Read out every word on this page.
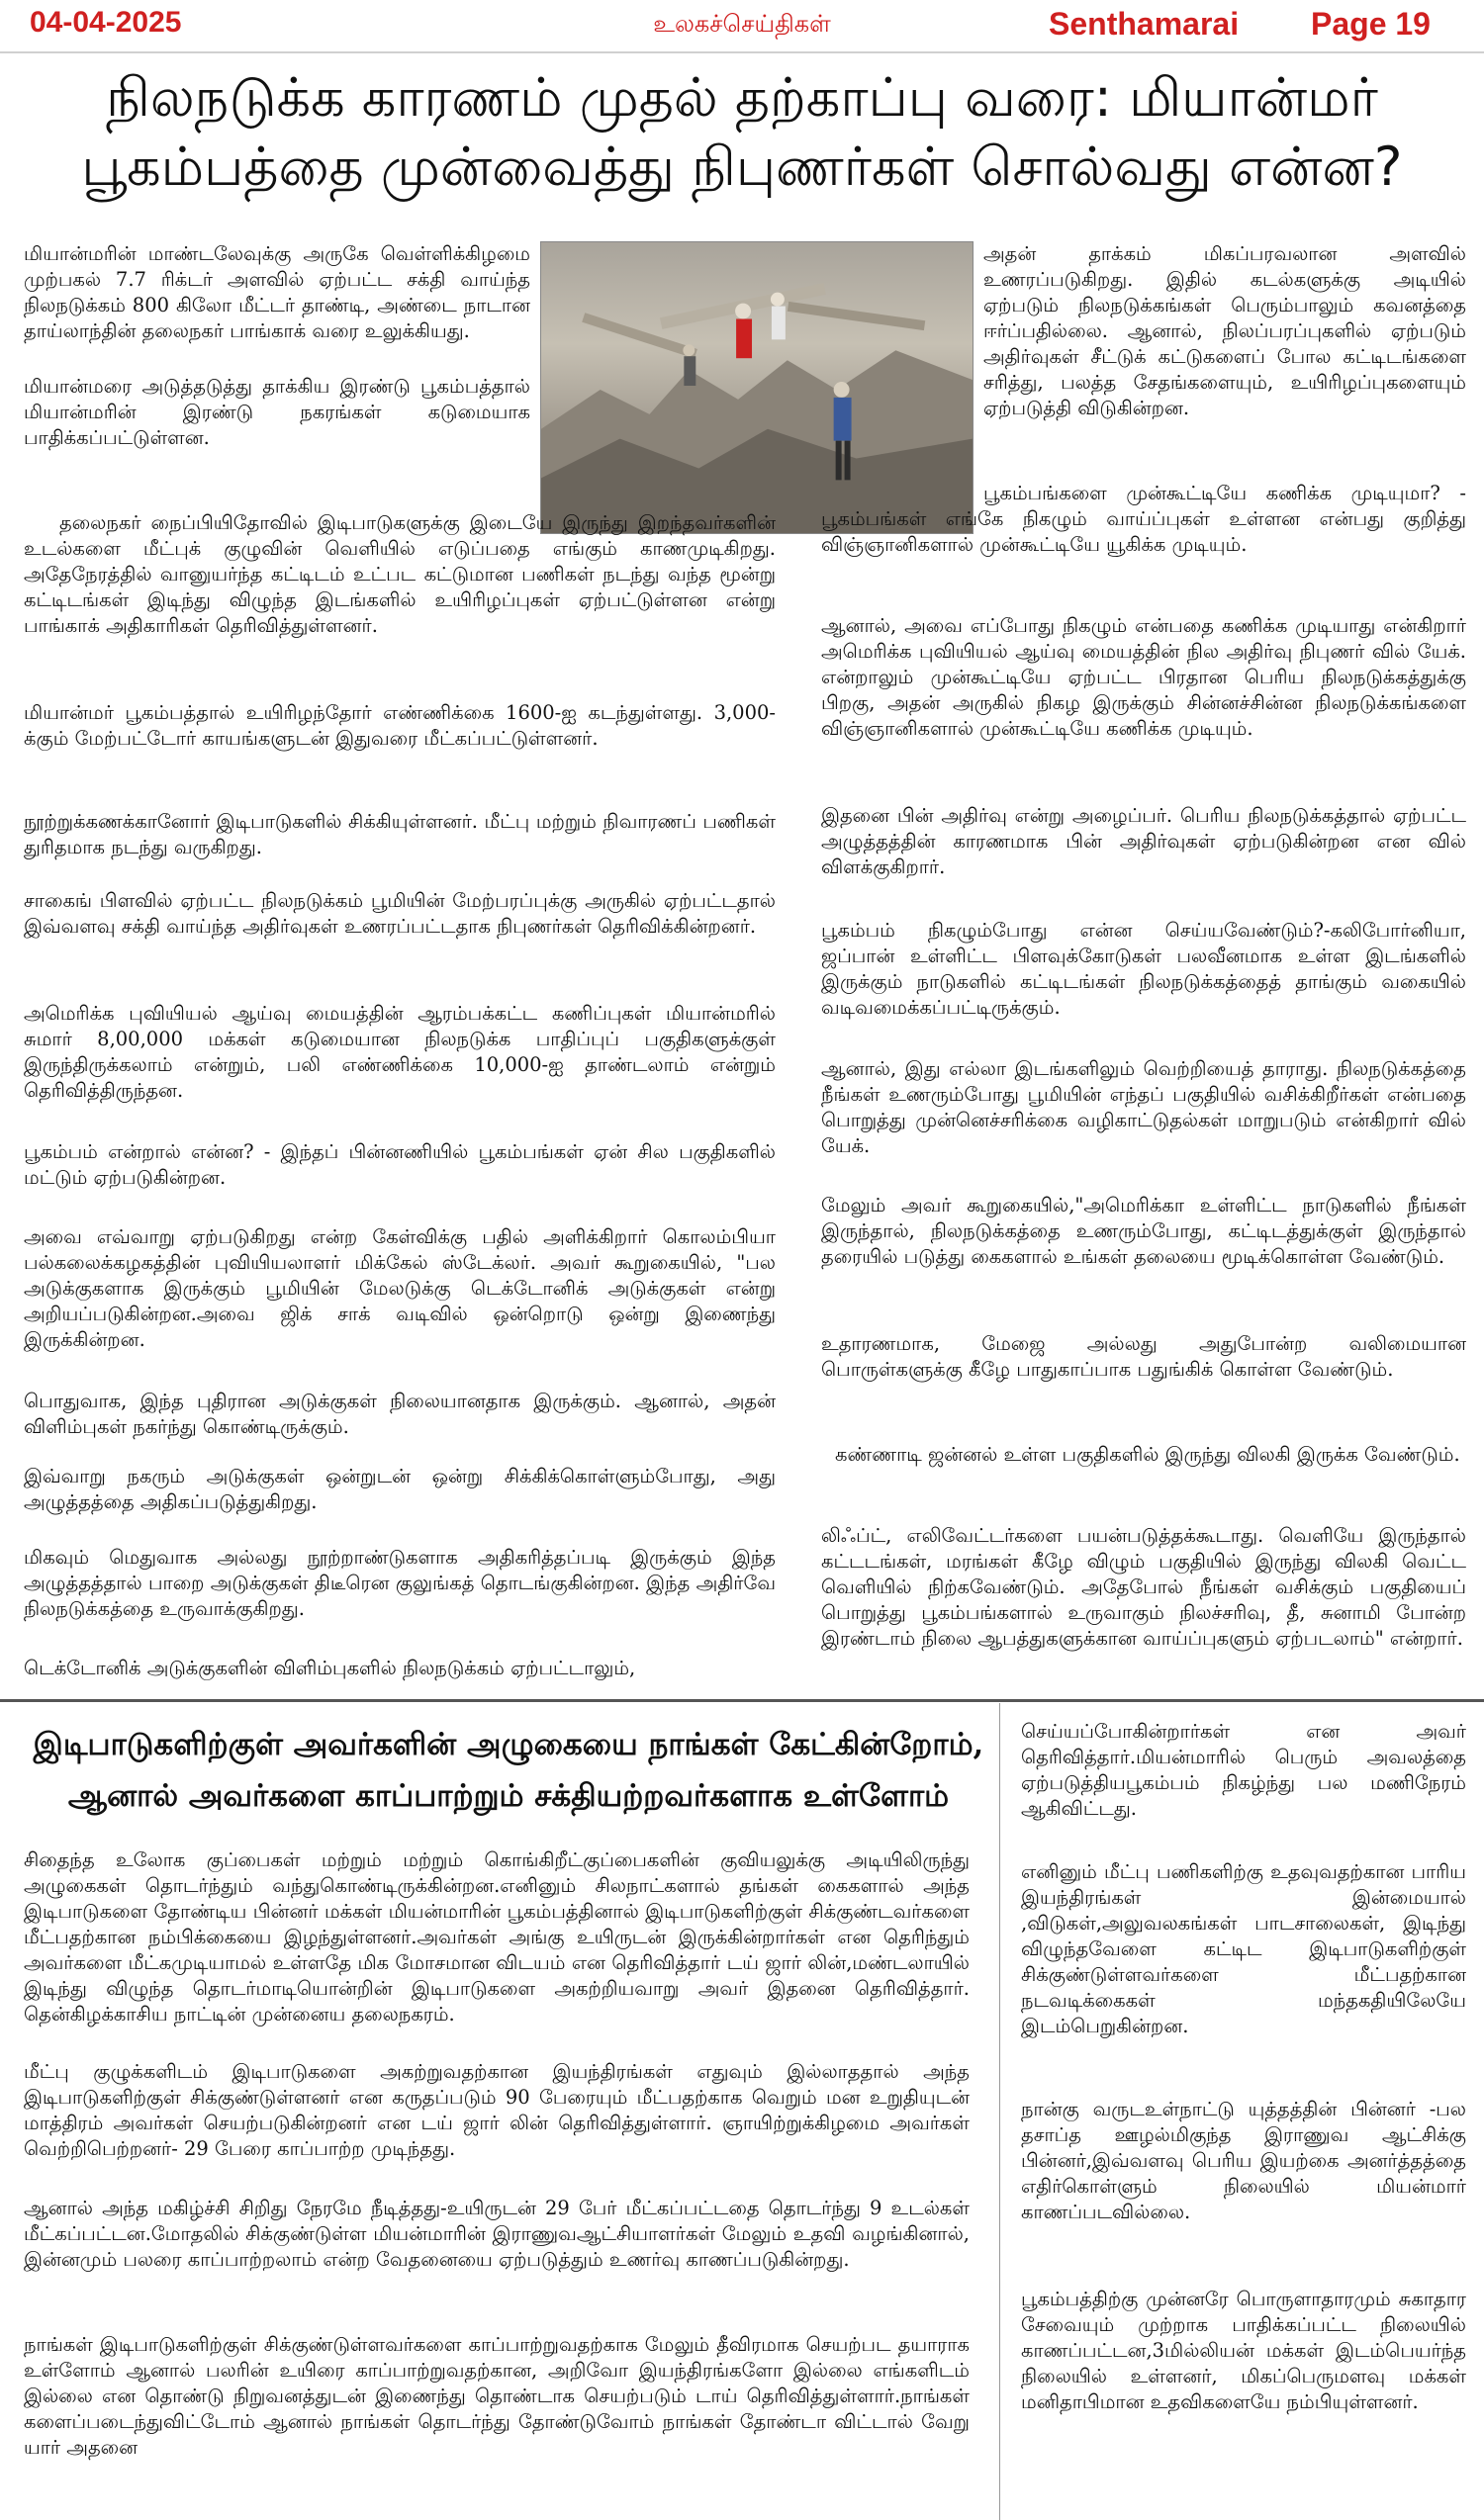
04-04-2025	உலகச்செய்திகள்	Senthamarai Page 19
நிலநடுக்க காரணம் முதல் தற்காப்பு வரை: மியான்மர்
பூகம்பத்தை முன்வைத்து நிபுணர்கள் சொல்வது என்ன?
மியான்மரின் மாண்டலேவுக்கு அருகே வெள்ளிக்கிழமை முற்பகல் 7.7 ரிக்டர் அளவில் ஏற்பட்ட சக்தி வாய்ந்த நிலநடுக்கம் 800 கிலோ மீட்டர் தாண்டி, அண்டை நாடான தாய்லாந்தின் தலைநகர் பாங்காக் வரை உலுக்கியது.
மியான்மரை அடுத்தடுத்து தாக்கிய இரண்டு பூகம்பத்தால் மியான்மரின் இரண்டு நகரங்கள் கடுமையாக பாதிக்கப்பட்டுள்ளன.
தலைநகர் நைப்பியிதோவில் இடிபாடுகளுக்கு இடையே இருந்து இறந்தவர்களின் உடல்களை மீட்புக் குழுவின் வெளியில் எடுப்பதை எங்கும் காணமுடிகிறது. அதேநேரத்தில் வானுயர்ந்த கட்டிடம் உட்பட கட்டுமான பணிகள் நடந்து வந்த மூன்று கட்டிடங்கள் இடிந்து விழுந்த இடங்களில் உயிரிழப்புகள் ஏற்பட்டுள்ளன என்று பாங்காக் அதிகாரிகள் தெரிவித்துள்ளனர்.
மியான்மர் பூகம்பத்தால் உயிரிழந்தோர் எண்ணிக்கை 1600-ஐ கடந்துள்ளது. 3,000-க்கும் மேற்பட்டோர் காயங்களுடன் இதுவரை மீட்கப்பட்டுள்ளனர்.
நூற்றுக்கணக்கானோர் இடிபாடுகளில் சிக்கியுள்ளனர். மீட்பு மற்றும் நிவாரணப் பணிகள் துரிதமாக நடந்து வருகிறது.
சாகைங் பிளவில் ஏற்பட்ட நிலநடுக்கம் பூமியின் மேற்பரப்புக்கு அருகில் ஏற்பட்டதால் இவ்வளவு சக்தி வாய்ந்த அதிர்வுகள் உணரப்பட்டதாக நிபுணர்கள் தெரிவிக்கின்றனர்.
அமெரிக்க புவியியல் ஆய்வு மையத்தின் ஆரம்பக்கட்ட கணிப்புகள் மியான்மரில் சுமார் 8,00,000 மக்கள் கடுமையான நிலநடுக்க பாதிப்புப் பகுதிகளுக்குள் இருந்திருக்கலாம் என்றும், பலி எண்ணிக்கை 10,000-ஐ தாண்டலாம் என்றும் தெரிவித்திருந்தன.
பூகம்பம் என்றால் என்ன? - இந்தப் பின்னணியில் பூகம்பங்கள் ஏன் சில பகுதிகளில் மட்டும் ஏற்படுகின்றன.
அவை எவ்வாறு ஏற்படுகிறது என்ற கேள்விக்கு பதில் அளிக்கிறார் கொலம்பியா பல்கலைக்கழகத்தின் புவியியலாளர் மிக்கேல் ஸ்டேக்லர். அவர் கூறுகையில், "பல அடுக்குகளாக இருக்கும் பூமியின் மேலடுக்கு டெக்டோனிக் அடுக்குகள் என்று அறியப்படுகின்றன.அவை ஜிக் சாக் வடிவில் ஒன்றொடு ஒன்று இணைந்து இருக்கின்றன.
பொதுவாக, இந்த புதிரான அடுக்குகள் நிலையானதாக இருக்கும். ஆனால், அதன் விளிம்புகள் நகர்ந்து கொண்டிருக்கும்.
இவ்வாறு நகரும் அடுக்குகள் ஒன்றுடன் ஒன்று சிக்கிக்கொள்ளும்போது, அது அழுத்தத்தை அதிகப்படுத்துகிறது.
மிகவும் மெதுவாக அல்லது நூற்றாண்டுகளாக அதிகரித்தப்படி இருக்கும் இந்த அழுத்தத்தால் பாறை அடுக்குகள் திடீரென குலுங்கத் தொடங்குகின்றன. இந்த அதிர்வே நிலநடுக்கத்தை உருவாக்குகிறது.
டெக்டோனிக் அடுக்குகளின் விளிம்புகளில் நிலநடுக்கம் ஏற்பட்டாலும்,
அதன் தாக்கம் மிகப்பரவலான அளவில் உணரப்படுகிறது. இதில் கடல்களுக்கு அடியில் ஏற்படும் நிலநடுக்கங்கள் பெரும்பாலும் கவனத்தை ஈர்ப்பதில்லை. ஆனால், நிலப்பரப்புகளில் ஏற்படும் அதிர்வுகள் சீட்டுக் கட்டுகளைப் போல கட்டிடங்களை சரித்து, பலத்த சேதங்களையும், உயிரிழப்புகளையும் ஏற்படுத்தி விடுகின்றன.
பூகம்பங்களை முன்கூட்டியே கணிக்க முடியுமா? - பூகம்பங்கள் எங்கே நிகழும் வாய்ப்புகள் உள்ளன என்பது குறித்து விஞ்ஞானிகளால் முன்கூட்டியே யூகிக்க முடியும்.
ஆனால், அவை எப்போது நிகழும் என்பதை கணிக்க முடியாது என்கிறார் அமெரிக்க புவியியல் ஆய்வு மையத்தின் நில அதிர்வு நிபுணர் வில் யேக். என்றாலும் முன்கூட்டியே ஏற்பட்ட பிரதான பெரிய நிலநடுக்கத்துக்கு பிறகு, அதன் அருகில் நிகழ இருக்கும் சின்னச்சின்ன நிலநடுக்கங்களை விஞ்ஞானிகளால் முன்கூட்டியே கணிக்க முடியும்.
இதனை பின் அதிர்வு என்று அழைப்பர். பெரிய நிலநடுக்கத்தால் ஏற்பட்ட அழுத்தத்தின் காரணமாக பின் அதிர்வுகள் ஏற்படுகின்றன என வில் விளக்குகிறார்.
பூகம்பம் நிகழும்போது என்ன செய்யவேண்டும்?-கலிபோர்னியா, ஜப்பான் உள்ளிட்ட பிளவுக்கோடுகள் பலவீனமாக உள்ள இடங்களில் இருக்கும் நாடுகளில் கட்டிடங்கள் நிலநடுக்கத்தைத் தாங்கும் வகையில் வடிவமைக்கப்பட்டிருக்கும்.
ஆனால், இது எல்லா இடங்களிலும் வெற்றியைத் தாராது. நிலநடுக்கத்தை நீங்கள் உணரும்போது பூமியின் எந்தப் பகுதியில் வசிக்கிறீர்கள் என்பதை பொறுத்து முன்னெச்சரிக்கை வழிகாட்டுதல்கள் மாறுபடும் என்கிறார் வில் யேக்.
மேலும் அவர் கூறுகையில்,"அமெரிக்கா உள்ளிட்ட நாடுகளில் நீங்கள் இருந்தால், நிலநடுக்கத்தை உணரும்போது, கட்டிடத்துக்குள் இருந்தால் தரையில் படுத்து கைகளால் உங்கள் தலையை மூடிக்கொள்ள வேண்டும்.
உதாரணமாக, மேஜை அல்லது அதுபோன்ற வலிமையான பொருள்களுக்கு கீழே பாதுகாப்பாக பதுங்கிக் கொள்ள வேண்டும்.
கண்ணாடி ஜன்னல் உள்ள பகுதிகளில் இருந்து விலகி இருக்க வேண்டும்.
லிஃப்ட், எலிவேட்டர்களை பயன்படுத்தக்கூடாது. வெளியே இருந்தால் கட்டடங்கள், மரங்கள் கீழே விழும் பகுதியில் இருந்து விலகி வெட்ட வெளியில் நிற்கவேண்டும். அதேபோல் நீங்கள் வசிக்கும் பகுதியைப் பொறுத்து பூகம்பங்களால் உருவாகும் நிலச்சரிவு, தீ, சுனாமி போன்ற இரண்டாம் நிலை ஆபத்துகளுக்கான வாய்ப்புகளும் ஏற்படலாம்" என்றார்.
இடிபாடுகளிற்குள் அவர்களின் அழுகையை நாங்கள் கேட்கின்றோம்,
ஆனால் அவர்களை காப்பாற்றும் சக்தியற்றவர்களாக உள்ளோம்
சிதைந்த உலோக குப்பைகள் மற்றும் மற்றும் கொங்கிறீட்குப்பைகளின் குவியலுக்கு அடியிலிருந்து அழுகைகள் தொடர்ந்தும் வந்துகொண்டிருக்கின்றன.எனினும் சிலநாட்களால் தங்கள் கைகளால் அந்த இடிபாடுகளை தோண்டிய பின்னர் மக்கள் மியன்மாரின் பூகம்பத்தினால் இடிபாடுகளிற்குள் சிக்குண்டவர்களை மீட்பதற்கான நம்பிக்கையை இழந்துள்ளனர்.அவர்கள் அங்கு உயிருடன் இருக்கின்றார்கள் என தெரிந்தும் அவர்களை மீட்கமுடியாமல் உள்ளதே மிக மோசமான விடயம் என தெரிவித்தார் டய் ஜார் லின்,மண்டலாயில் இடிந்து விழுந்த தொடர்மாடியொன்றின் இடிபாடுகளை அகற்றியவாறு அவர் இதனை தெரிவித்தார். தென்கிழக்காசிய நாட்டின் முன்னைய தலைநகரம்.
மீட்பு குழுக்களிடம் இடிபாடுகளை அகற்றுவதற்கான இயந்திரங்கள் எதுவும் இல்லாததால் அந்த இடிபாடுகளிற்குள் சிக்குண்டுள்ளனர் என கருதப்படும் 90 பேரையும் மீட்பதற்காக வெறும் மன உறுதியுடன் மாத்திரம் அவர்கள் செயற்படுகின்றனர் என டய் ஜார் லின் தெரிவித்துள்ளார். ஞாயிற்றுக்கிழமை அவர்கள் வெற்றிபெற்றனர்- 29 பேரை காப்பாற்ற முடிந்தது.
ஆனால் அந்த மகிழ்ச்சி சிறிது நேரமே நீடித்தது-உயிருடன் 29 பேர் மீட்கப்பட்டதை தொடர்ந்து 9 உடல்கள் மீட்கப்பட்டன.மோதலில் சிக்குண்டுள்ள மியன்மாரின் இராணுவஆட்சியாளர்கள் மேலும் உதவி வழங்கினால், இன்னமும் பலரை காப்பாற்றலாம் என்ற வேதனையை ஏற்படுத்தும் உணர்வு காணப்படுகின்றது.
நாங்கள் இடிபாடுகளிற்குள் சிக்குண்டுள்ளவர்களை காப்பாற்றுவதற்காக மேலும் தீவிரமாக செயற்பட தயாராக உள்ளோம் ஆனால் பலரின் உயிரை காப்பாற்றுவதற்கான, அறிவோ இயந்திரங்களோ இல்லை எங்களிடம் இல்லை என தொண்டு நிறுவனத்துடன் இணைந்து தொண்டாக செயற்படும் டாய் தெரிவித்துள்ளார்.நாங்கள் களைப்படைந்துவிட்டோம் ஆனால் நாங்கள் தொடர்ந்து தோண்டுவோம் நாங்கள் தோண்டா விட்டால் வேறு யார் அதனை
செய்யப்போகின்றார்கள் என அவர் தெரிவித்தார்.மியன்மாரில் பெரும் அவலத்தை ஏற்படுத்தியபூகம்பம் நிகழ்ந்து பல மணிநேரம் ஆகிவிட்டது.
எனினும் மீட்பு பணிகளிற்கு உதவுவதற்கான பாரிய இயந்திரங்கள் இன்மையால் ,விடுகள்,அலுவலகங்கள் பாடசாலைகள், இடிந்து விழுந்தவேளை கட்டிட இடிபாடுகளிற்குள் சிக்குண்டுள்ளவர்களை மீட்பதற்கான நடவடிக்கைகள் மந்தகதியிலேயே இடம்பெறுகின்றன.
நான்கு வருடஉள்நாட்டு யுத்தத்தின் பின்னர் -பல தசாப்த ஊழல்மிகுந்த இராணுவ ஆட்சிக்கு பின்னர்,இவ்வளவு பெரிய இயற்கை அனர்த்தத்தை எதிர்கொள்ளும் நிலையில் மியன்மார் காணப்படவில்லை.
பூகம்பத்திற்கு முன்னரே பொருளாதாரமும் சுகாதார சேவையும் முற்றாக பாதிக்கப்பட்ட நிலையில் காணப்பட்டன,3மில்லியன் மக்கள் இடம்பெயர்ந்த நிலையில் உள்ளனர், மிகப்பெருமளவு மக்கள் மனிதாபிமான உதவிகளையே நம்பியுள்ளனர்.
